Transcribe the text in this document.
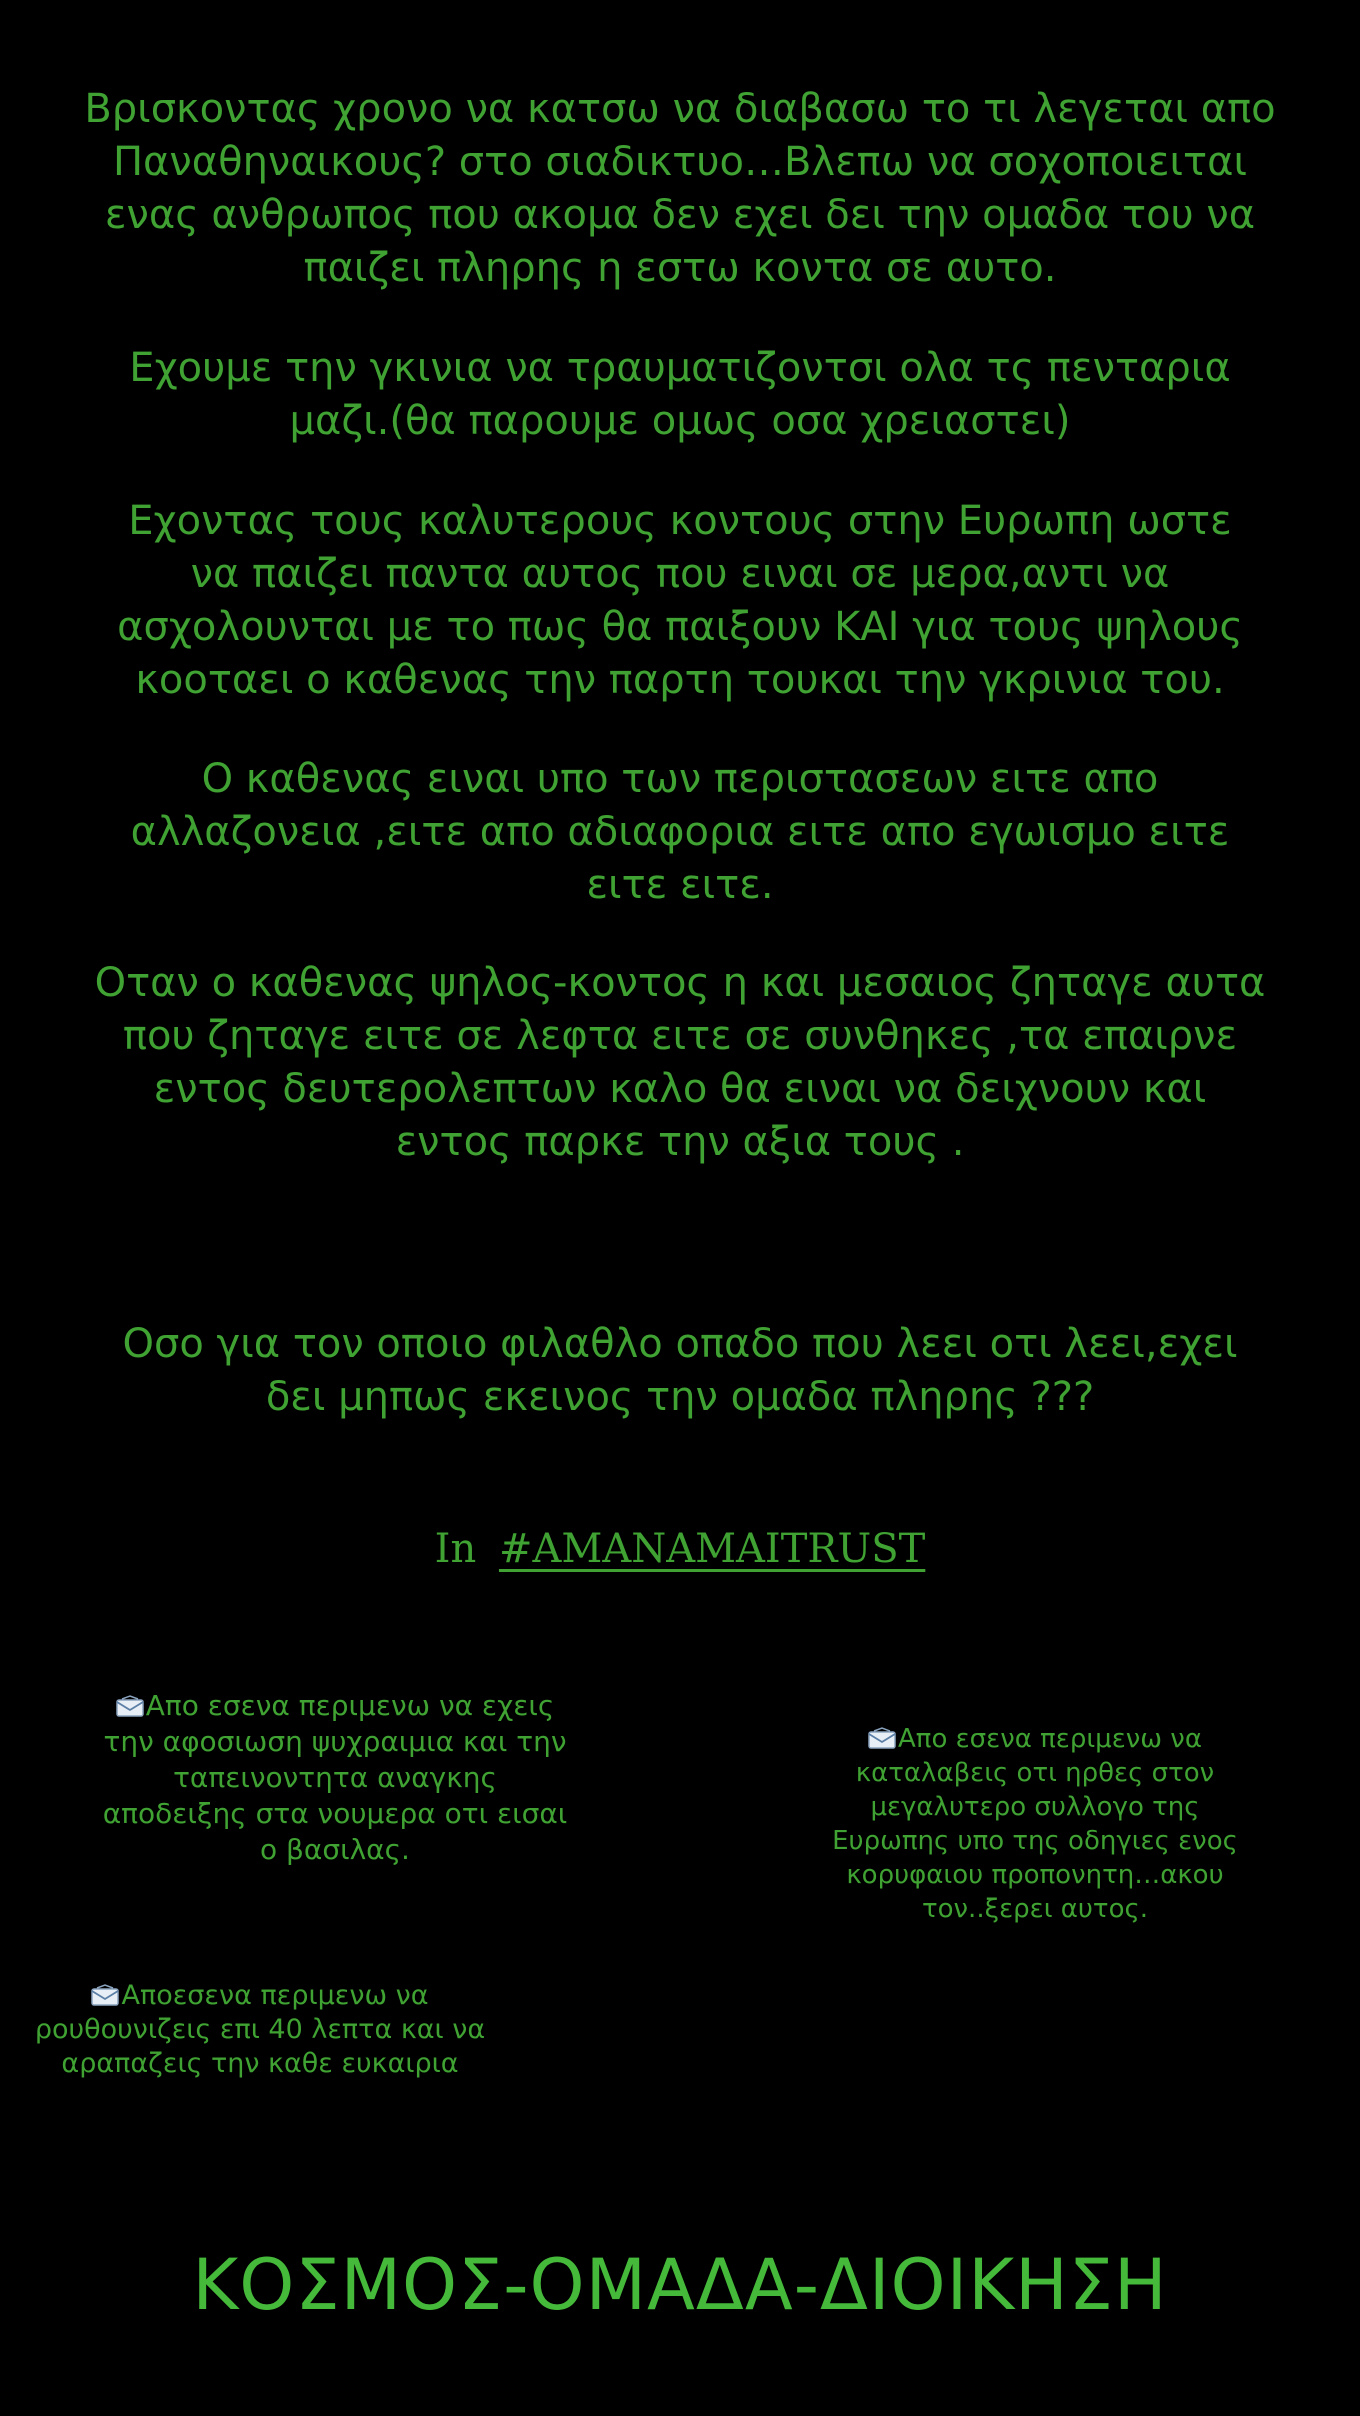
Βρισκοντας χρονο να κατσω να διαβασω το τι λεγεται απο
Παναθηναικους? στο σιαδικτυο…Βλεπω να σοχοποιειται
ενας ανθρωπος που ακομα δεν εχει δει την ομαδα του να
παιζει πληρης η εστω κοντα σε αυτο.
Εχουμε την γκινια να τραυματιζοντσι ολα τς πενταρια
μαζι.(θα παρουμε ομως οσα χρειαστει)
Εχοντας τους καλυτερους κοντους στην Ευρωπη ωστε
να παιζει παντα αυτος που ειναι σε μερα,αντι να
ασχολουνται με το πως θα παιξουν ΚΑΙ για τους ψηλους
κοοταει ο καθενας την παρτη τουκαι την γκρινια του.
Ο καθενας ειναι υπο των περιστασεων ειτε απο
αλλαζονεια ,ειτε απο αδιαφορια ειτε απο εγωισμο ειτε
ειτε ειτε.
Οταν ο καθενας ψηλος-κοντος η και μεσαιος ζηταγε αυτα
που ζηταγε ειτε σε λεφτα ειτε σε συνθηκες ,τα επαιρνε
εντος δευτερολεπτων καλο θα ειναι να δειχνουν και
εντος παρκε την αξια τους .
Οσο για τον οποιο φιλαθλο οπαδο που λεει οτι λεει,εχει
δει μηπως εκεινος την ομαδα πληρης ???
In #AMANAMAITRUST
Απο εσενα περιμενω να εχεις
την αφοσιωση ψυχραιμια και την
ταπεινοντητα αναγκης
αποδειξης στα νουμερα οτι εισαι
ο βασιλας.
Απο εσενα περιμενω να
καταλαβεις οτι ηρθες στον
μεγαλυτερο συλλογο της
Ευρωπης υπο της οδηγιες ενος
κορυφαιου προπονητη…ακου
τον..ξερει αυτος.
Αποεσενα περιμενω να
ρουθουνιζεις επι 40 λεπτα και να
αραπαζεις την καθε ευκαιρια
ΚΟΣΜΟΣ-ΟΜΑΔΑ-ΔΙΟΙΚΗΣΗ
